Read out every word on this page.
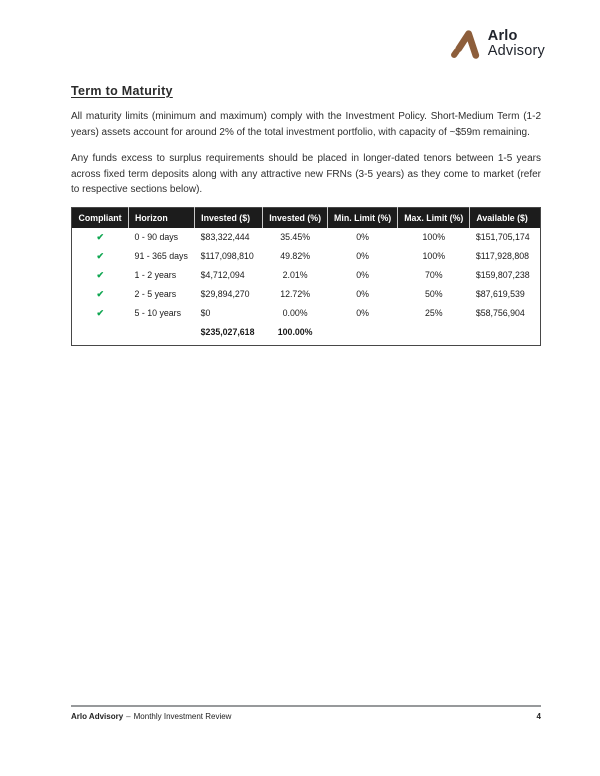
Arlo
Advisory
Term to Maturity

All maturity limits (minimum and maximum) comply with the Investment Policy. Short-Medium Term (1-2 years) assets account for around 2% of the total investment portfolio, with capacity of ~$59m remaining.

Any funds excess to surplus requirements should be placed in longer-dated tenors between 1-5 years across fixed term deposits along with any attractive new FRNs (3-5 years) as they come to market (refer to respective sections below).

Compliant	Horizon	Invested ($)	Invested (%)	Min. Limit (%)	Max. Limit (%)	Available ($)
✔	0 - 90 days	$83,322,444	35.45%	0%	100%	$151,705,174
✔	91 - 365 days	$117,098,810	49.82%	0%	100%	$117,928,808
✔	1 - 2 years	$4,712,094	2.01%	0%	70%	$159,807,238
✔	2 - 5 years	$29,894,270	12.72%	0%	50%	$87,619,539
✔	5 - 10 years	$0	0.00%	0%	25%	$58,756,904
		$235,027,618	100.00%			
Arlo Advisory – Monthly Investment Review	4
